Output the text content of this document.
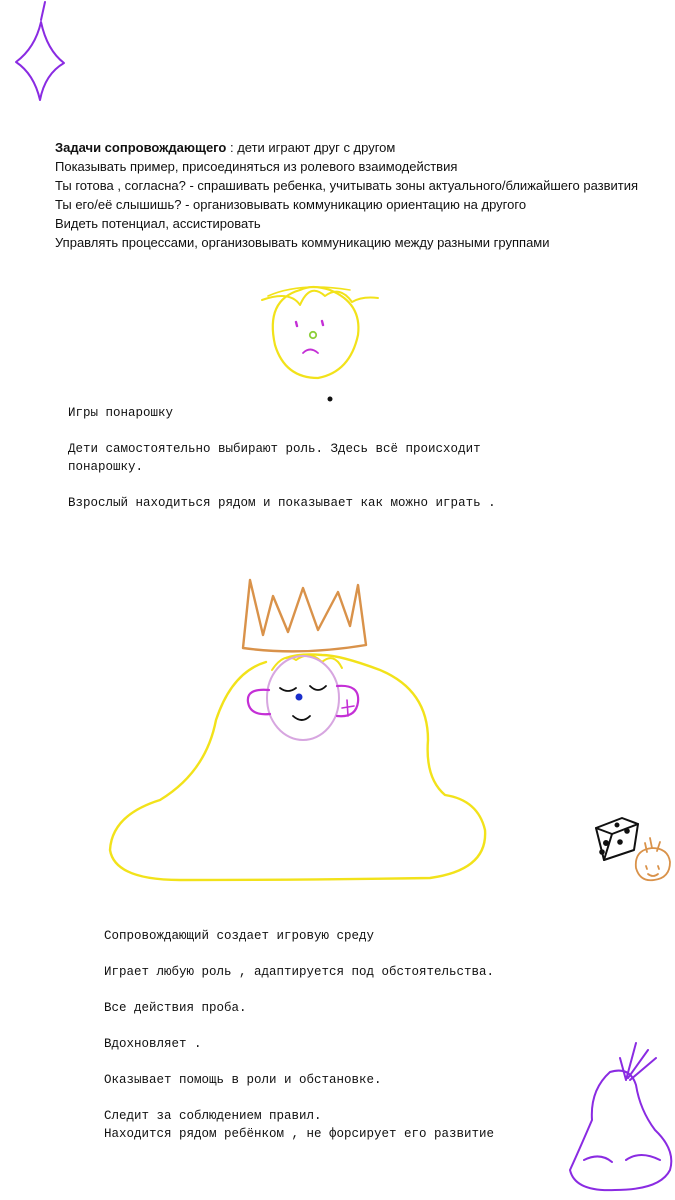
Задачи сопровождающего : дети играют друг с другом

Показывать пример, присоединяться из ролевого взаимодействия

Ты готова , согласна? - спрашивать ребенка, учитывать зоны актуального/ближайшего развития

Ты его/её слышишь? - организовывать коммуникацию ориентацию на другого

Видеть потенциал, ассистировать

Управлять процессами, организовывать коммуникацию между разными группами

Игры понарошку

Дети самостоятельно выбирают роль. Здесь всё происходит понарошку.

Взрослый находиться рядом и показывает как можно играть .

Сопровождающий создает игровую среду

Играет любую роль , адаптируется под обстоятельства.

Все действия проба.

Вдохновляет .

Оказывает помощь в роли и обстановке.

Следит за соблюдением правил.

Находится рядом ребёнком , не форсирует его развитие
